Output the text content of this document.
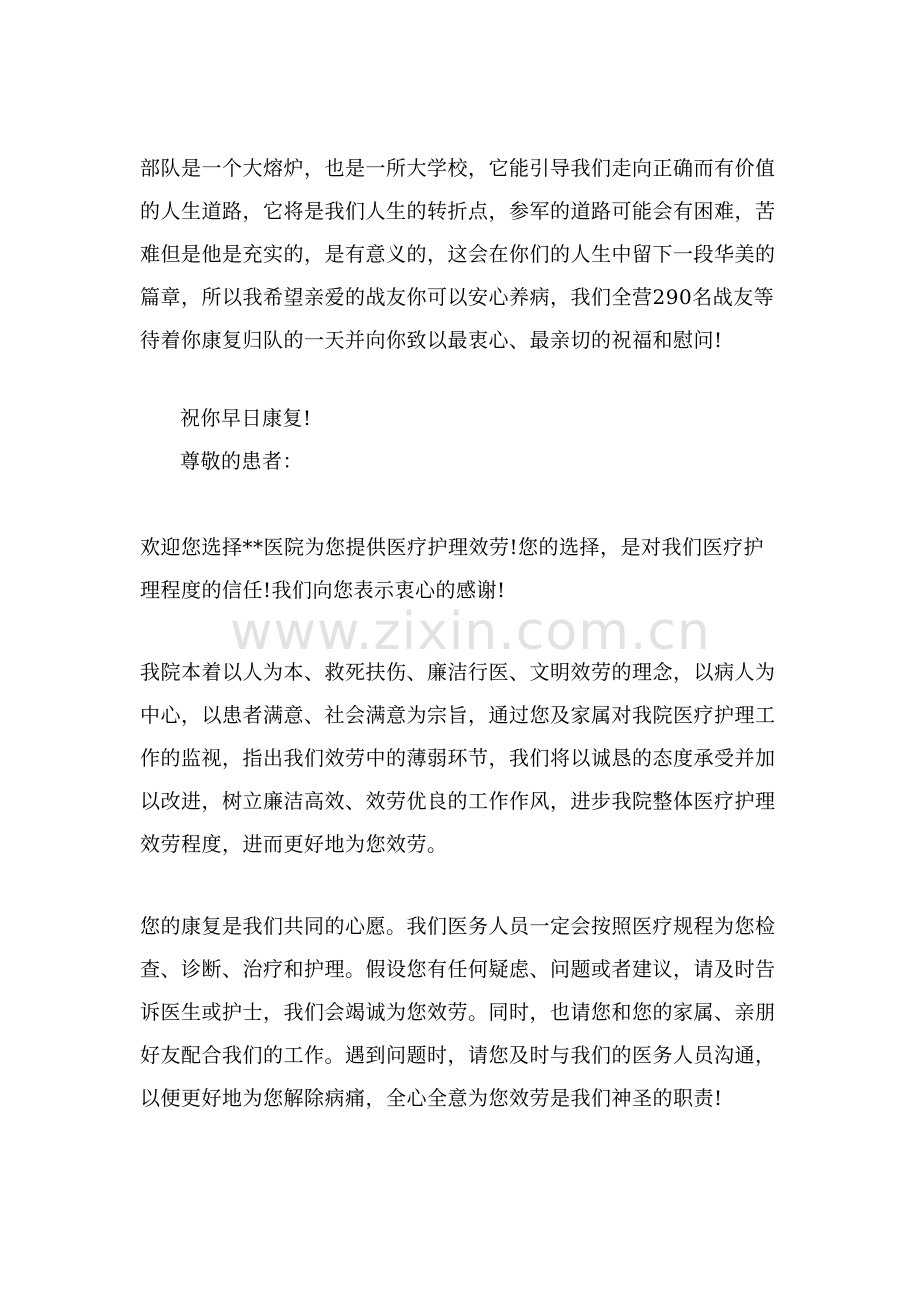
部队是一个大熔炉，也是一所大学校，它能引导我们走向正确而有价值的人生道路，它将是我们人生的转折点，参军的道路可能会有困难，苦难但是他是充实的，是有意义的，这会在你们的人生中留下一段华美的篇章，所以我希望亲爱的战友你可以安心养病，我们全营290名战友等待着你康复归队的一天并向你致以最衷心、最亲切的祝福和慰问!

祝你早日康复!

尊敬的患者：

欢迎您选择**医院为您提供医疗护理效劳!您的选择，是对我们医疗护理程度的信任!我们向您表示衷心的感谢!

www.zixin.com.cn

我院本着以人为本、救死扶伤、廉洁行医、文明效劳的理念，以病人为中心，以患者满意、社会满意为宗旨，通过您及家属对我院医疗护理工作的监视，指出我们效劳中的薄弱环节，我们将以诚恳的态度承受并加以改进，树立廉洁高效、效劳优良的工作作风，进步我院整体医疗护理效劳程度，进而更好地为您效劳。

您的康复是我们共同的心愿。我们医务人员一定会按照医疗规程为您检查、诊断、治疗和护理。假设您有任何疑虑、问题或者建议，请及时告诉医生或护士，我们会竭诚为您效劳。同时，也请您和您的家属、亲朋好友配合我们的工作。遇到问题时，请您及时与我们的医务人员沟通，以便更好地为您解除病痛，全心全意为您效劳是我们神圣的职责!
